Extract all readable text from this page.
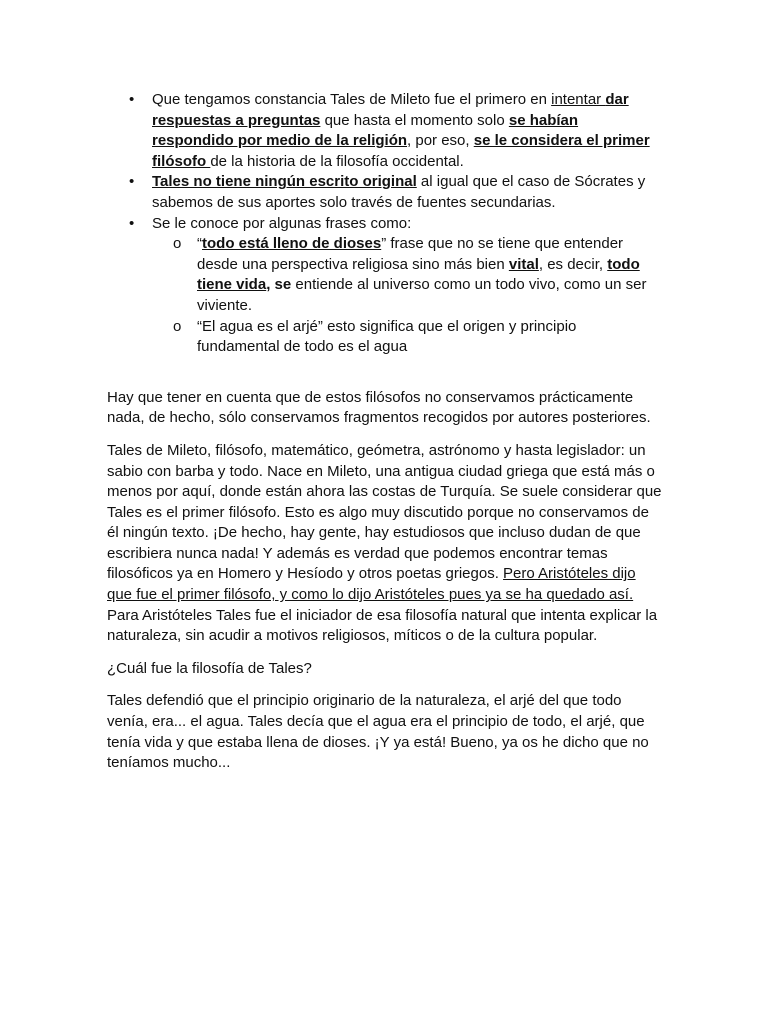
• Que tengamos constancia Tales de Mileto fue el primero en intentar dar respuestas a preguntas que hasta el momento solo se habían respondido por medio de la religión, por eso, se le considera el primer filósofo de la historia de la filosofía occidental.
• Tales no tiene ningún escrito original al igual que el caso de Sócrates y sabemos de sus aportes solo través de fuentes secundarias.
• Se le conoce por algunas frases como:
o “todo está lleno de dioses” frase que no se tiene que entender desde una perspectiva religiosa sino más bien vital, es decir, todo tiene vida, se entiende al universo como un todo vivo, como un ser viviente.
o “El agua es el arjé” esto significa que el origen y principio fundamental de todo es el agua

Hay que tener en cuenta que de estos filósofos no conservamos prácticamente nada, de hecho, sólo conservamos fragmentos recogidos por autores posteriores.

Tales de Mileto, filósofo, matemático, geómetra, astrónomo y hasta legislador: un sabio con barba y todo. Nace en Mileto, una antigua ciudad griega que está más o menos por aquí, donde están ahora las costas de Turquía. Se suele considerar que Tales es el primer filósofo. Esto es algo muy discutido porque no conservamos de él ningún texto. ¡De hecho, hay gente, hay estudiosos que incluso dudan de que escribiera nunca nada! Y además es verdad que podemos encontrar temas filosóficos ya en Homero y Hesíodo y otros poetas griegos. Pero Aristóteles dijo que fue el primer filósofo, y como lo dijo Aristóteles pues ya se ha quedado así. Para Aristóteles Tales fue el iniciador de esa filosofía natural que intenta explicar la naturaleza, sin acudir a motivos religiosos, míticos o de la cultura popular.

¿Cuál fue la filosofía de Tales?

Tales defendió que el principio originario de la naturaleza, el arjé del que todo venía, era... el agua. Tales decía que el agua era el principio de todo, el arjé, que tenía vida y que estaba llena de dioses. ¡Y ya está! Bueno, ya os he dicho que no teníamos mucho...
